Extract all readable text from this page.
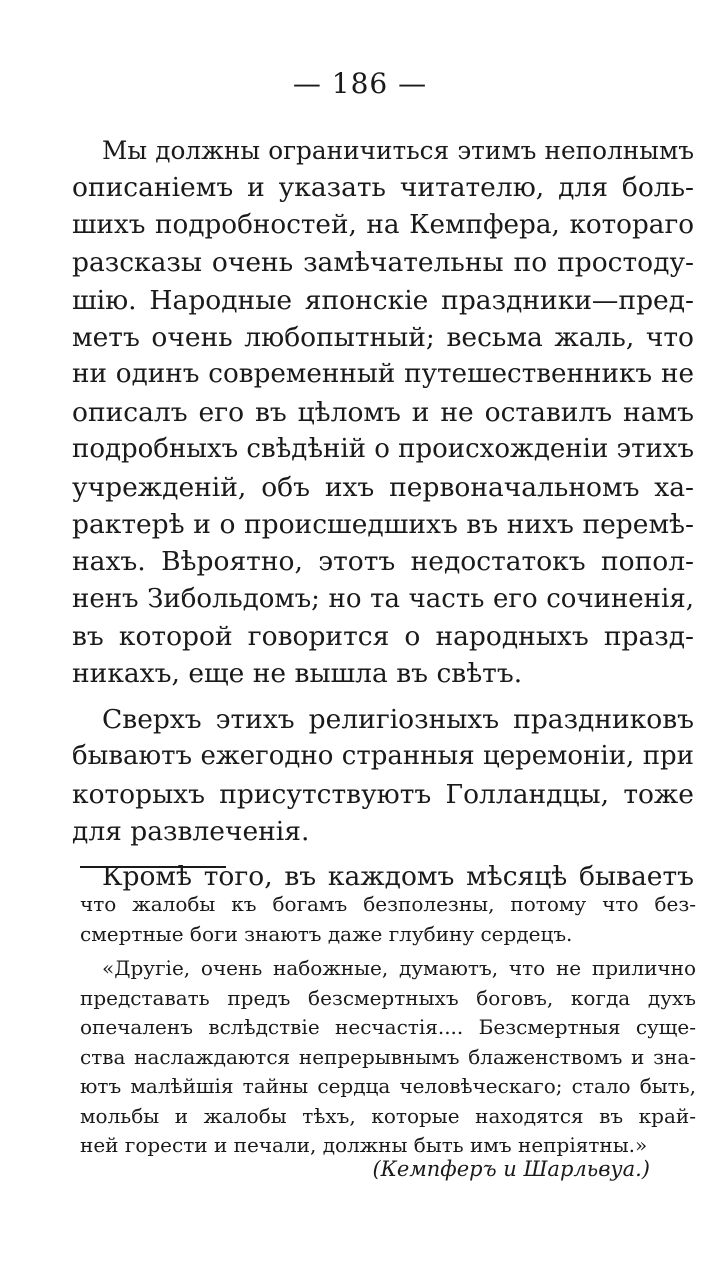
— 186 —
Мы должны ограничиться этимъ неполнымъ
описаніемъ и указать читателю, для боль-
шихъ подробностей, на Кемпфера, котораго
разсказы очень замѣчательны по простоду-
шію. Народные японскіе праздники—пред-
метъ очень любопытный; весьма жаль, что
ни одинъ современный путешественникъ не
описалъ его въ цѣломъ и не оставилъ намъ
подробныхъ свѣдѣній о происхожденіи этихъ
учрежденій, объ ихъ первоначальномъ ха-
рактерѣ и о происшедшихъ въ нихъ перемѣ-
нахъ. Вѣроятно, этотъ недостатокъ попол-
ненъ Зибольдомъ; но та часть его сочиненія,
въ которой говорится о народныхъ празд-
никахъ, еще не вышла въ свѣтъ.
Сверхъ этихъ религіозныхъ праздниковъ
бываютъ ежегодно странныя церемоніи, при
которыхъ присутствуютъ Голландцы, тоже
для развлеченія.
Кромѣ того, въ каждомъ мѣсяцѣ бываетъ
что жалобы къ богамъ безполезны, потому что без-
смертные боги знаютъ даже глубину сердецъ.
«Другіе, очень набожные, думаютъ, что не прилично
представать предъ безсмертныхъ боговъ, когда духъ
опечаленъ вслѣдствіе несчастія.... Безсмертныя суще-
ства наслаждаются непрерывнымъ блаженствомъ и зна-
ютъ малѣйшія тайны сердца человѣческаго; стало быть,
мольбы и жалобы тѣхъ, которые находятся въ край-
ней горести и печали, должны быть имъ непріятны.»
(Кемпферъ и Шарльвуа.)
